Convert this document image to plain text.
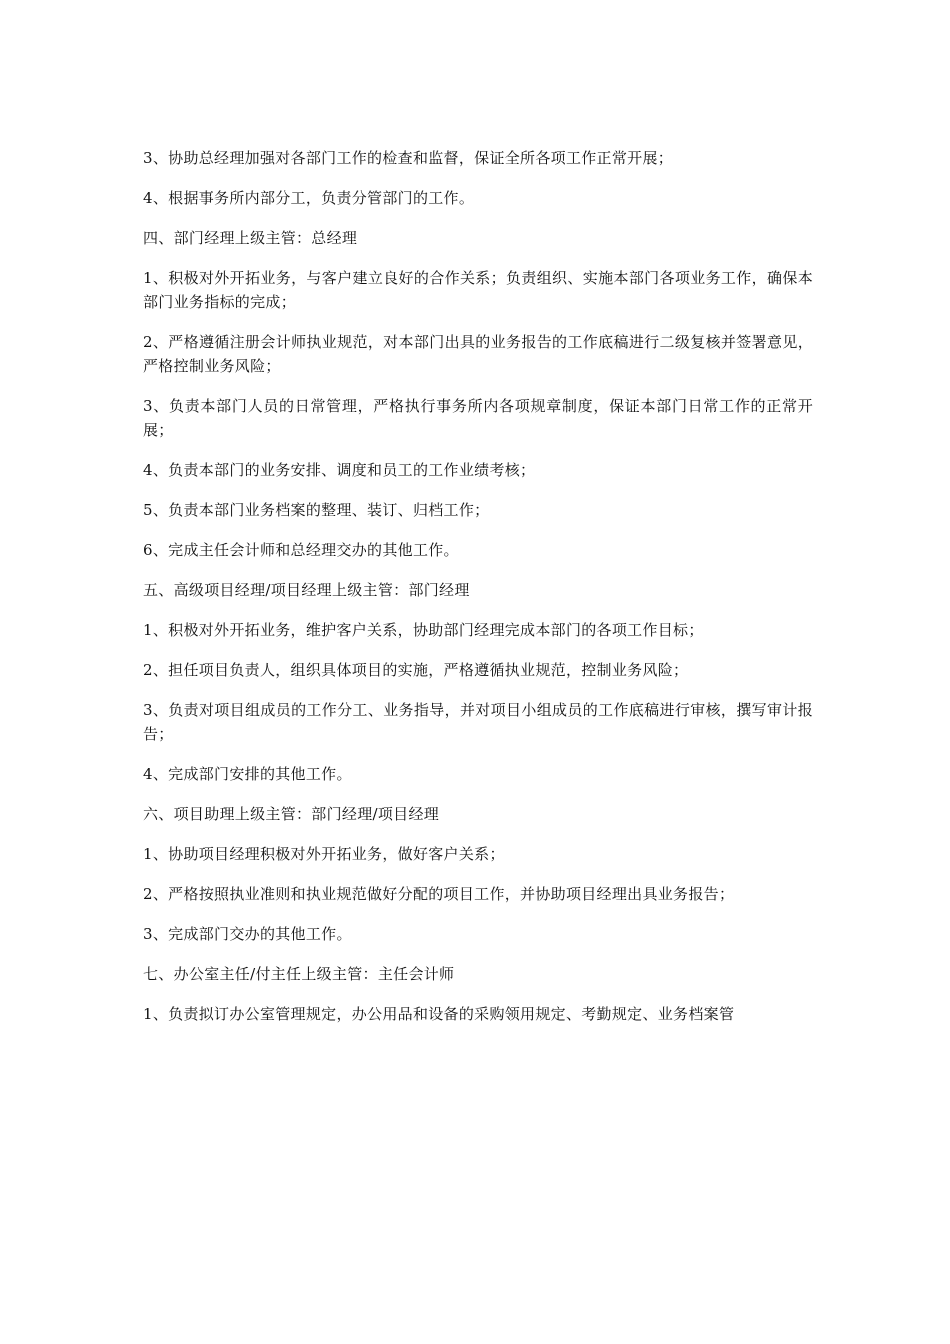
3、协助总经理加强对各部门工作的检查和监督，保证全所各项工作正常开展；

4、根据事务所内部分工，负责分管部门的工作。

四、部门经理上级主管：总经理

1、积极对外开拓业务，与客户建立良好的合作关系；负责组织、实施本部门各项业务工作，确保本部门业务指标的完成；

2、严格遵循注册会计师执业规范，对本部门出具的业务报告的工作底稿进行二级复核并签署意见，严格控制业务风险；

3、负责本部门人员的日常管理，严格执行事务所内各项规章制度，保证本部门日常工作的正常开展；

4、负责本部门的业务安排、调度和员工的工作业绩考核；

5、负责本部门业务档案的整理、装订、归档工作；

6、完成主任会计师和总经理交办的其他工作。

五、高级项目经理/项目经理上级主管：部门经理

1、积极对外开拓业务，维护客户关系，协助部门经理完成本部门的各项工作目标；

2、担任项目负责人，组织具体项目的实施，严格遵循执业规范，控制业务风险；

3、负责对项目组成员的工作分工、业务指导，并对项目小组成员的工作底稿进行审核，撰写审计报告；

4、完成部门安排的其他工作。

六、项目助理上级主管：部门经理/项目经理

1、协助项目经理积极对外开拓业务，做好客户关系；

2、严格按照执业准则和执业规范做好分配的项目工作，并协助项目经理出具业务报告；

3、完成部门交办的其他工作。

七、办公室主任/付主任上级主管：主任会计师

1、负责拟订办公室管理规定，办公用品和设备的采购领用规定、考勤规定、业务档案管
